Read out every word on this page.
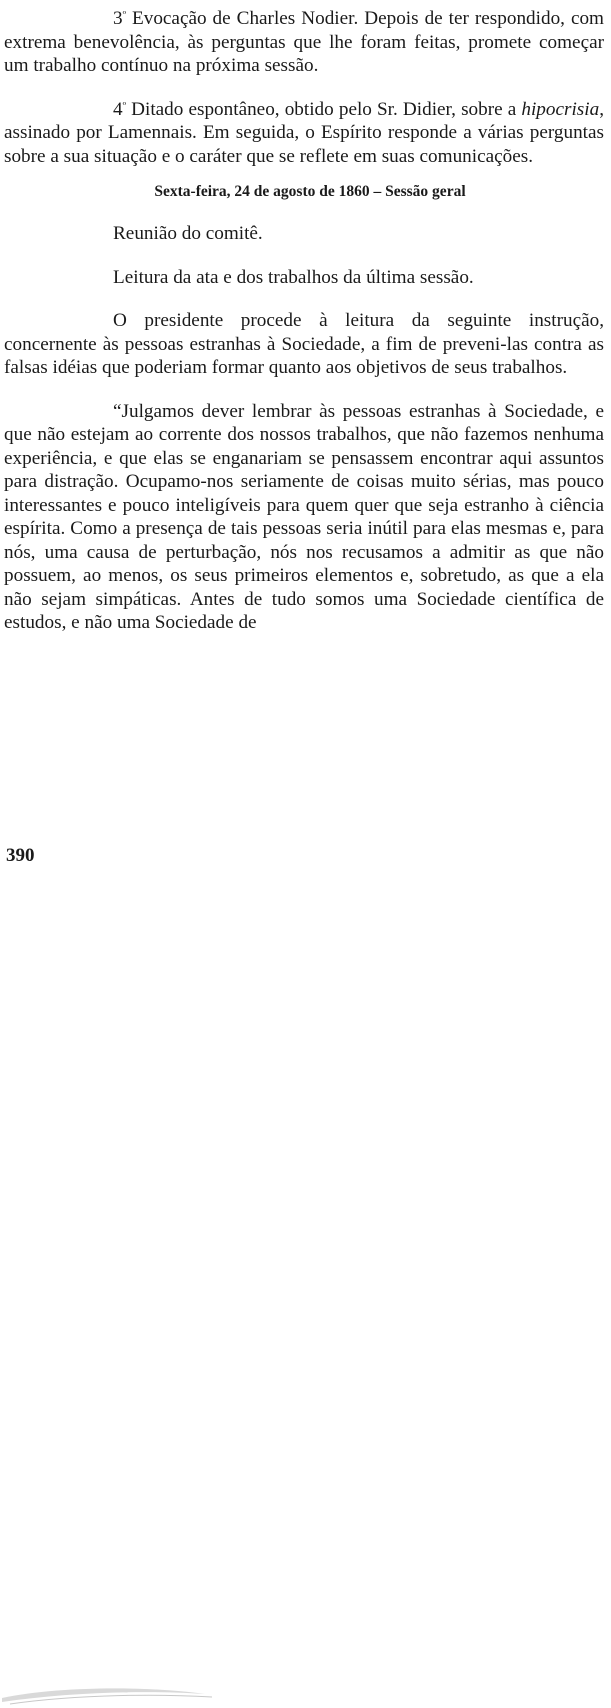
$3^º$ Evocação de Charles Nodier. Depois de ter respondido, com extrema benevolência, às perguntas que lhe foram feitas, promete começar um trabalho contínuo na próxima sessão.

$4^º$ Ditado espontâneo, obtido pelo Sr. Didier, sobre a hipocrisia, assinado por Lamennais. Em seguida, o Espírito responde a várias perguntas sobre a sua situação e o caráter que se reflete em suas comunicações.

Sexta-feira, 24 de agosto de 1860 – Sessão geral

Reunião do comitê.

Leitura da ata e dos trabalhos da última sessão.

O presidente procede à leitura da seguinte instrução, concernente às pessoas estranhas à Sociedade, a fim de preveni-las contra as falsas idéias que poderiam formar quanto aos objetivos de seus trabalhos.

“Julgamos dever lembrar às pessoas estranhas à Sociedade, e que não estejam ao corrente dos nossos trabalhos, que não fazemos nenhuma experiência, e que elas se enganariam se pensassem encontrar aqui assuntos para distração. Ocupamo-nos seriamente de coisas muito sérias, mas pouco interessantes e pouco inteligíveis para quem quer que seja estranho à ciência espírita. Como a presença de tais pessoas seria inútil para elas mesmas e, para nós, uma causa de perturbação, nós nos recusamos a admitir as que não possuem, ao menos, os seus primeiros elementos e, sobretudo, as que a ela não sejam simpáticas. Antes de tudo somos uma Sociedade científica de estudos, e não uma Sociedade de

390
